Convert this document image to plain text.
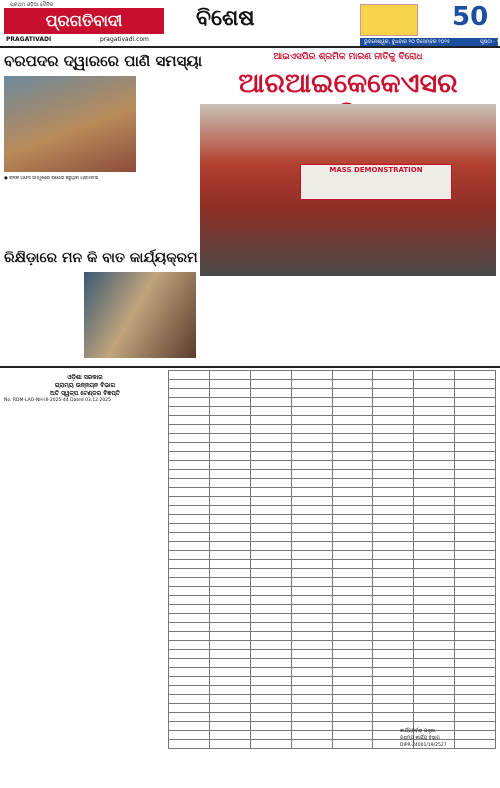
ପ୍ରଥମ ଓଡ଼ିଆ ଦୈନିକ
ପ୍ରଗତିବାଦୀ
PRAGATIVADI	pragativadi.com
ବିଶେଷ	50
ଭୁବନେଶ୍ୱର, ବୁଧବାର ୧୦ ଡିସେମ୍ବର ୨୦୨୫	ପୃଷ୍ଠା - ୧
ବରପଦର ଦ୍ୱାରରେ ପାଣି ସମସ୍ୟା
● ବ୍ଲକ ଅଫିସ ସମ୍ମୁଖରେ ବିକ୍ଷୋଭ କରୁଥିବା ଗ୍ରାମବାସୀ
ରିକ୍ଷିଡ଼ାରେ ମନ କି ବାତ କାର୍ଯ୍ୟକ୍ରମ
ଆଇଏସପିର ଶ୍ରମିକ ମାରଣ ନୀତିକୁ ବିରୋଧ
ଆରଆଇକେକେଏସର
MASS DEMONSTRATION
ଓଡ଼ିଶା ସରକାର
ଗ୍ରାମ୍ୟ ଉନ୍ନୟନ ବିଭାଗ
ଅତି ସ୍ୱଳ୍ପ ଟେଣ୍ଡର ବିଜ୍ଞପ୍ତି
No. RDM-LAO-NH-III-2025-44 Dated 03.12.2025

କାର୍ଯ୍ୟନିର୍ବାହୀ ଯନ୍ତ୍ରୀ,
ଗ୍ରାମ୍ୟ କାର୍ଯ୍ୟ ବିଭାଗ
DIPR-24001/19/2527
